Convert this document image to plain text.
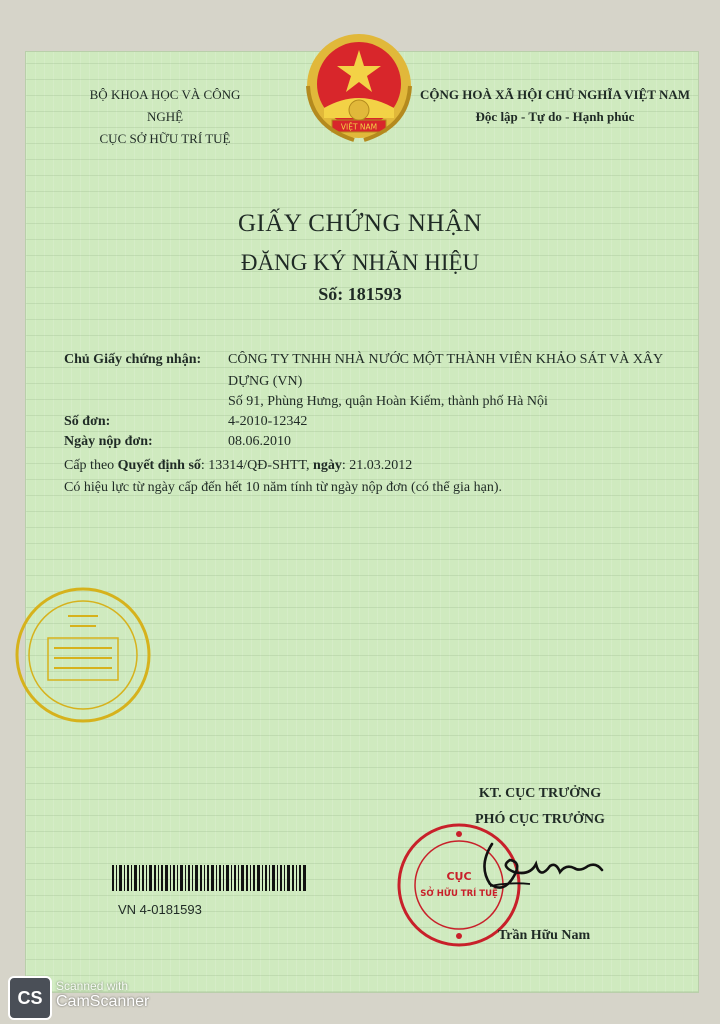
VIỆT NAM
BỘ KHOA HỌC VÀ CÔNG NGHỆ
CỤC SỞ HỮU TRÍ TUỆ
CỘNG HOÀ XÃ HỘI CHỦ NGHĨA VIỆT NAM
Độc lập - Tự do - Hạnh phúc
GIẤY CHỨNG NHẬN
ĐĂNG KÝ NHÃN HIỆU
Số: 181593
Chủ Giấy chứng nhận: CÔNG TY TNHH NHÀ NƯỚC MỘT THÀNH VIÊN KHẢO SÁT VÀ XÂY
DỰNG (VN)
Số 91, Phùng Hưng, quận Hoàn Kiếm, thành phố Hà Nội
Số đơn:	4-2010-12342
Ngày nộp đơn:	08.06.2010
Cấp theo Quyết định số: 13314/QĐ-SHTT, ngày: 21.03.2012
Có hiệu lực từ ngày cấp đến hết 10 năm tính từ ngày nộp đơn (có thể gia hạn).
KT. CỤC TRƯỞNG
PHÓ CỤC TRƯỞNG
CỤC
SỞ HỮU TRÍ TUỆ
Trần Hữu Nam
VN 4-0181593
CS
Scanned with
CamScanner
